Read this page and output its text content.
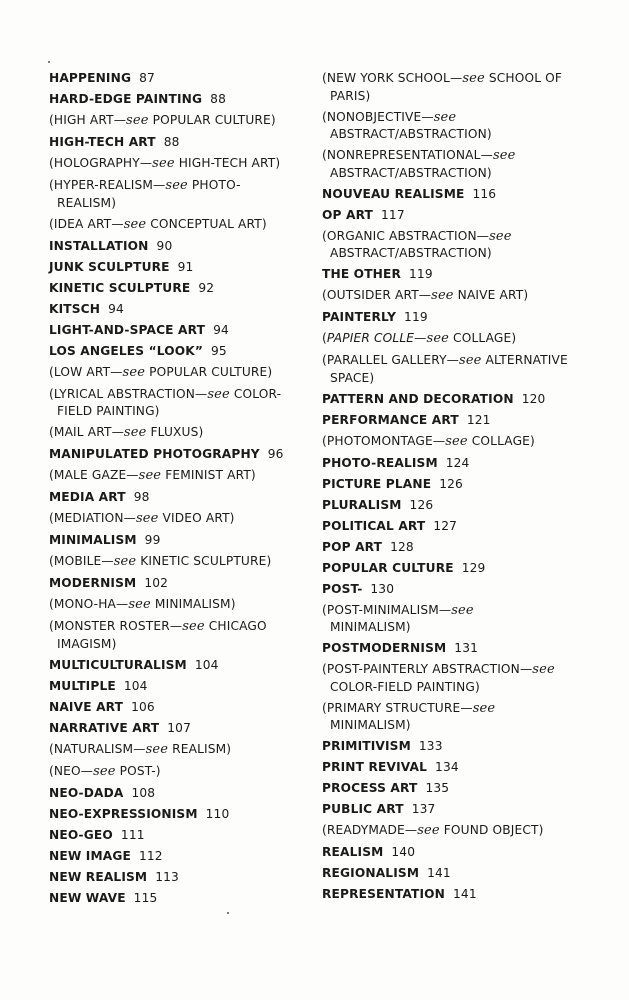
HAPPENING 87
HARD-EDGE PAINTING 88
(HIGH ART—see POPULAR CULTURE)
HIGH-TECH ART 88
(HOLOGRAPHY—see HIGH-TECH ART)
(HYPER-REALISM—see PHOTO-
REALISM)
(IDEA ART—see CONCEPTUAL ART)
INSTALLATION 90
JUNK SCULPTURE 91
KINETIC SCULPTURE 92
KITSCH 94
LIGHT-AND-SPACE ART 94
LOS ANGELES “LOOK” 95
(LOW ART—see POPULAR CULTURE)
(LYRICAL ABSTRACTION—see COLOR-
FIELD PAINTING)
(MAIL ART—see FLUXUS)
MANIPULATED PHOTOGRAPHY 96
(MALE GAZE—see FEMINIST ART)
MEDIA ART 98
(MEDIATION—see VIDEO ART)
MINIMALISM 99
(MOBILE—see KINETIC SCULPTURE)
MODERNISM 102
(MONO-HA—see MINIMALISM)
(MONSTER ROSTER—see CHICAGO
IMAGISM)
MULTICULTURALISM 104
MULTIPLE 104
NAIVE ART 106
NARRATIVE ART 107
(NATURALISM—see REALISM)
(NEO—see POST-)
NEO-DADA 108
NEO-EXPRESSIONISM 110
NEO-GEO 111
NEW IMAGE 112
NEW REALISM 113
NEW WAVE 115
(NEW YORK SCHOOL—see SCHOOL OF
PARIS)
(NONOBJECTIVE—see
ABSTRACT/ABSTRACTION)
(NONREPRESENTATIONAL—see
ABSTRACT/ABSTRACTION)
NOUVEAU REALISME 116
OP ART 117
(ORGANIC ABSTRACTION—see
ABSTRACT/ABSTRACTION)
THE OTHER 119
(OUTSIDER ART—see NAIVE ART)
PAINTERLY 119
(PAPIER COLLE—see COLLAGE)
(PARALLEL GALLERY—see ALTERNATIVE
SPACE)
PATTERN AND DECORATION 120
PERFORMANCE ART 121
(PHOTOMONTAGE—see COLLAGE)
PHOTO-REALISM 124
PICTURE PLANE 126
PLURALISM 126
POLITICAL ART 127
POP ART 128
POPULAR CULTURE 129
POST- 130
(POST-MINIMALISM—see
MINIMALISM)
POSTMODERNISM 131
(POST-PAINTERLY ABSTRACTION—see
COLOR-FIELD PAINTING)
(PRIMARY STRUCTURE—see
MINIMALISM)
PRIMITIVISM 133
PRINT REVIVAL 134
PROCESS ART 135
PUBLIC ART 137
(READYMADE—see FOUND OBJECT)
REALISM 140
REGIONALISM 141
REPRESENTATION 141
